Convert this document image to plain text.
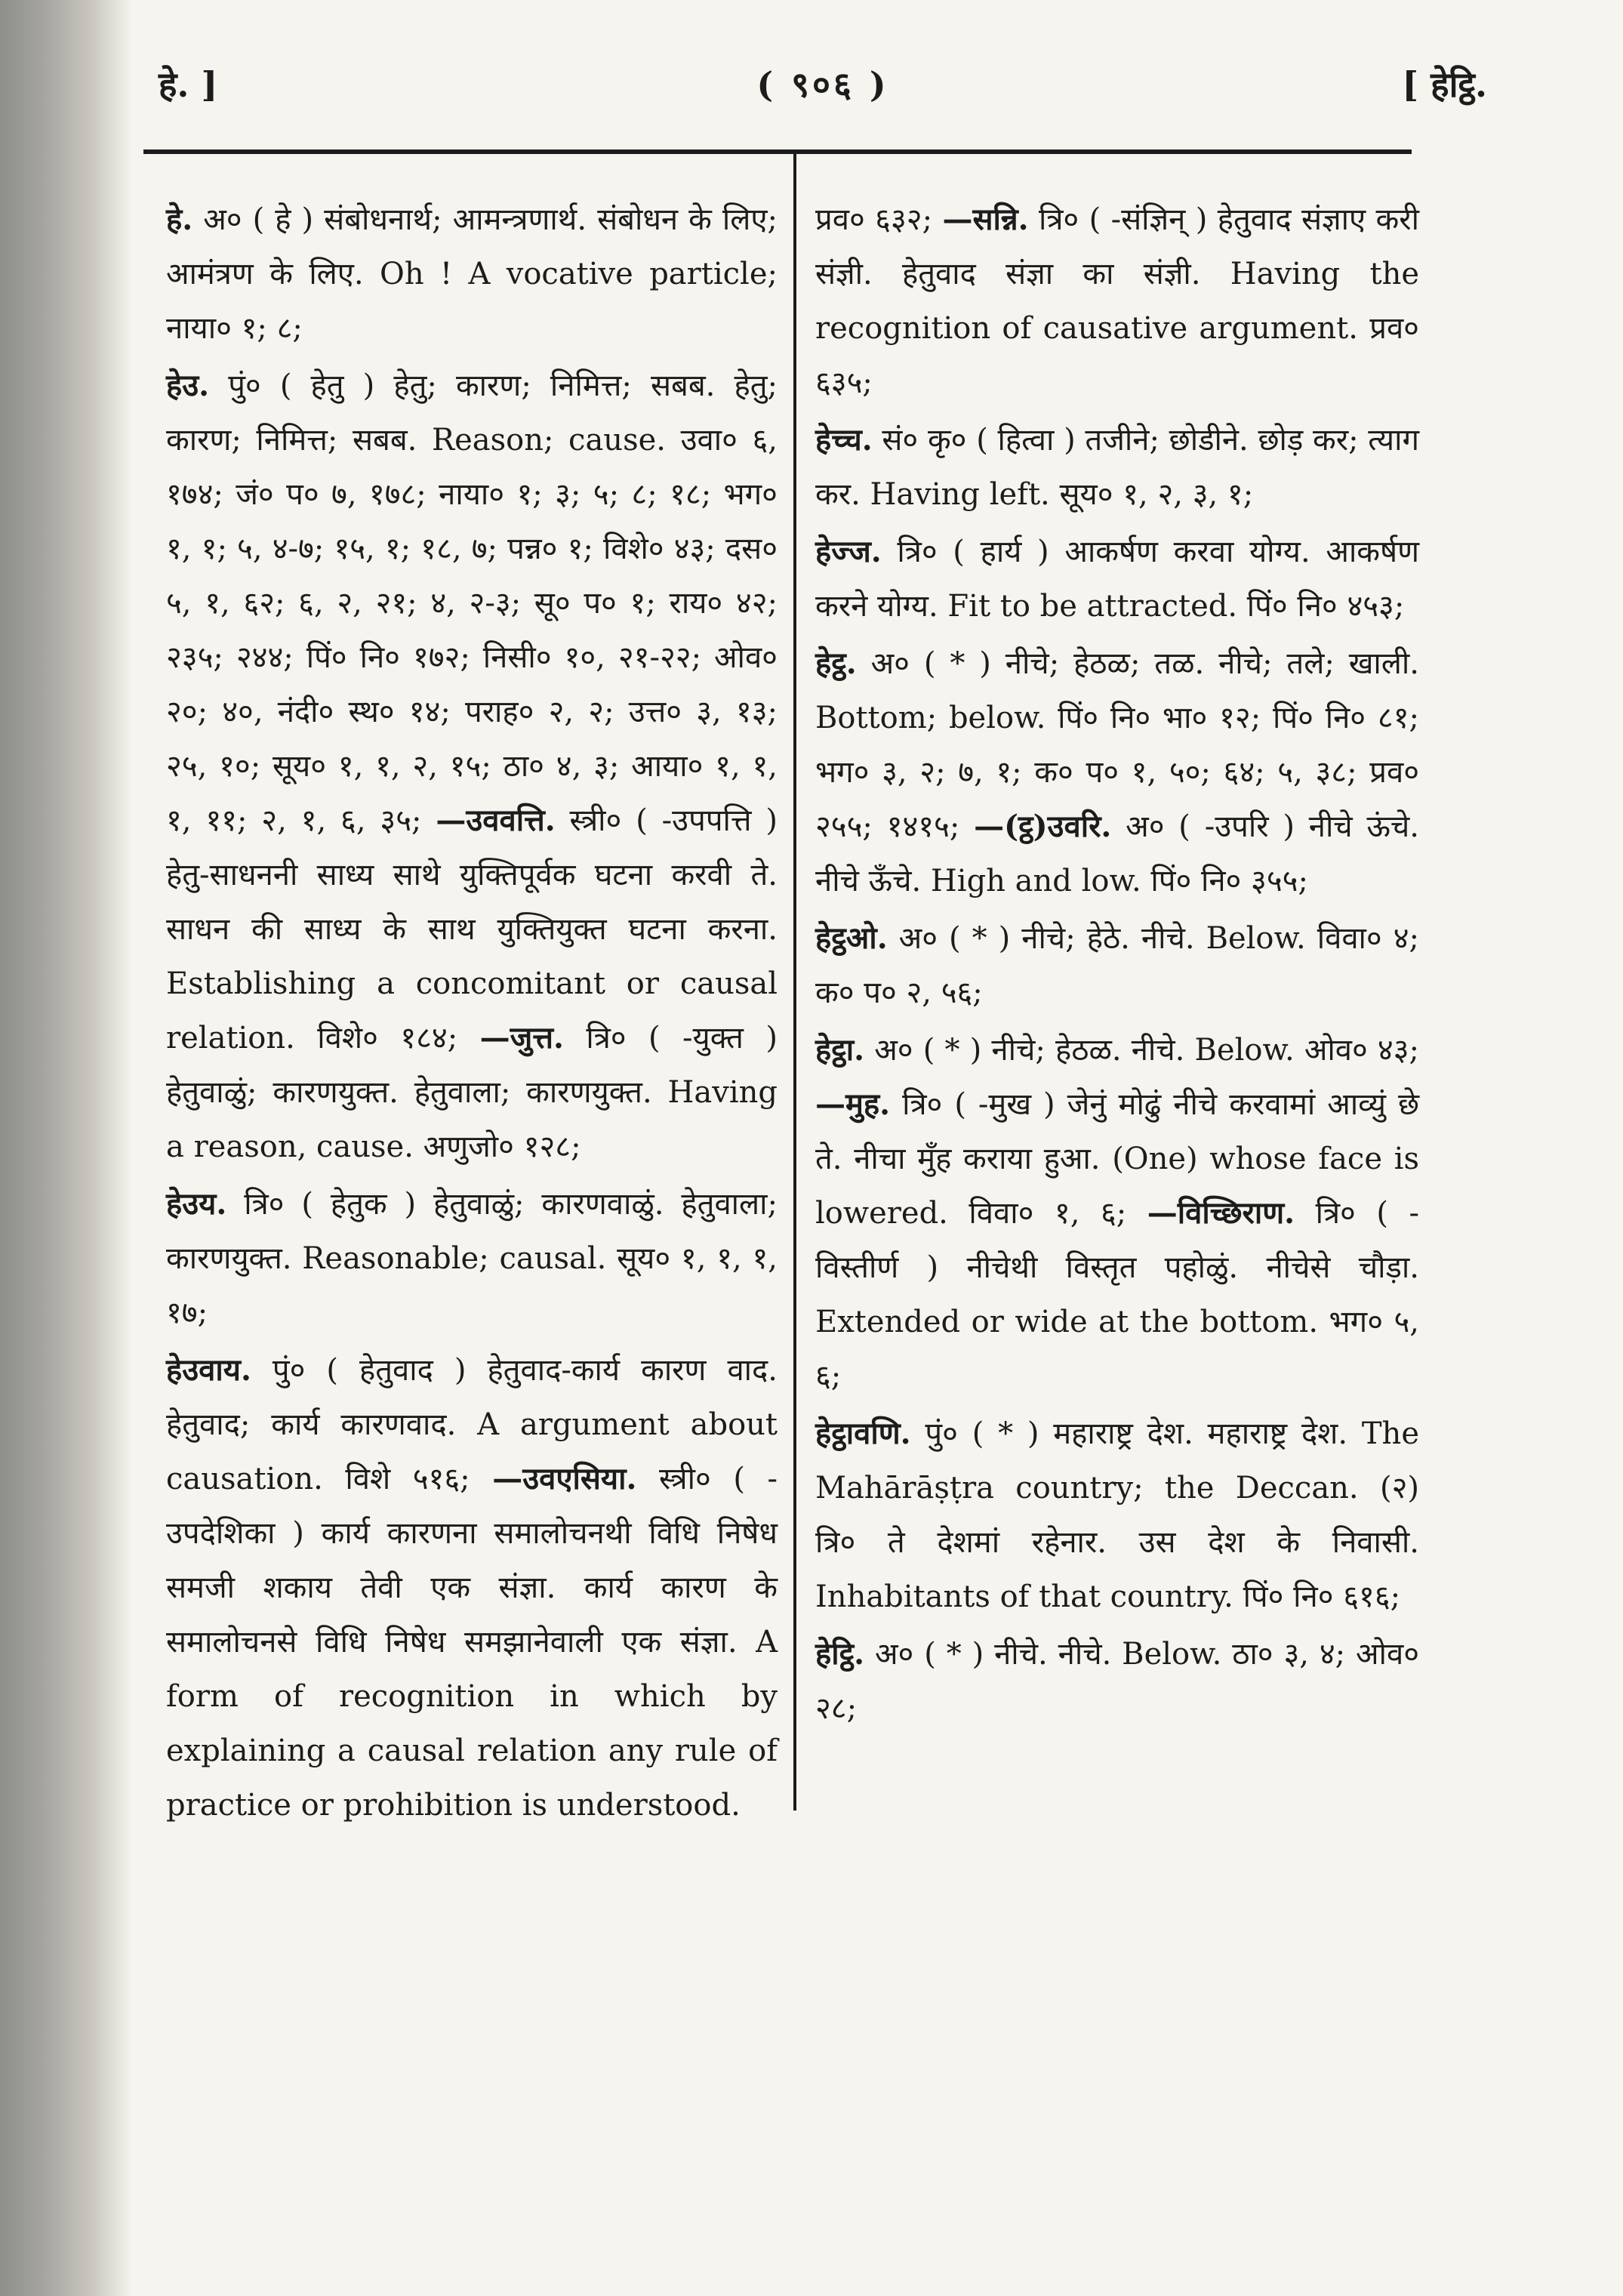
हे. ]	( ९०६ )	[ हेट्ठि.

हे. अ० ( हे ) संबोधनार्थ; आमन्त्रणार्थ. संबोधन के लिए; आमंत्रण के लिए. Oh ! A vocative particle; नाया० १; ८;

हेउ. पुं० ( हेतु ) हेतु; कारण; निमित्त; सबब. हेतु; कारण; निमित्त; सबब. Reason; cause. उवा० ६, १७४; जं० प० ७, १७८; नाया० १; ३; ५; ८; १८; भग० १, १; ५, ४-७; १५, १; १८, ७; पन्न० १; विशे० ४३; दस० ५, १, ६२; ६, २, २१; ४, २-३; सू० प० १; राय० ४२; २३५; २४४; पिं० नि० १७२; निसी० १०, २१-२२; ओव० २०; ४०, नंदी० स्थ० १४; पराह० २, २; उत्त० ३, १३; २५, १०; सूय० १, १, २, १५; ठा० ४, ३; आया० १, १, १, ११; २, १, ६, ३५; —उववत्ति. स्त्री० ( -उपपत्ति ) हेतु-साधननी साध्य साथे युक्तिपूर्वक घटना करवी ते. साधन की साध्य के साथ युक्तियुक्त घटना करना. Establishing a concomitant or causal relation. विशे० १८४; —जुत्त. त्रि० ( -युक्त ) हेतुवाळुं; कारणयुक्त. हेतुवाला; कारणयुक्त. Having a reason, cause. अणुजो० १२८;

हेउय. त्रि० ( हेतुक ) हेतुवाळुं; कारणवाळुं. हेतुवाला; कारणयुक्त. Reasonable; causal. सूय० १, १, १, १७;

हेउवाय. पुं० ( हेतुवाद ) हेतुवाद-कार्य कारण वाद. हेतुवाद; कार्य कारणवाद. A argument about causation. विशे ५१६; —उवएसिया. स्त्री० ( -उपदेशिका ) कार्य कारणना समालोचनथी विधि निषेध समजी शकाय तेवी एक संज्ञा. कार्य कारण के समालोचनसे विधि निषेध समझानेवाली एक संज्ञा. A form of recognition in which by explaining a causal relation any rule of practice or prohibition is understood.

प्रव० ६३२; —सन्नि. त्रि० ( -संज्ञिन् ) हेतुवाद संज्ञाए करी संज्ञी. हेतुवाद संज्ञा का संज्ञी. Having the recognition of causative argument. प्रव० ६३५;

हेच्च. सं० कृ० ( हित्वा ) तजीने; छोडीने. छोड़ कर; त्याग कर. Having left. सूय० १, २, ३, १;

हेज्ज. त्रि० ( हार्य ) आकर्षण करवा योग्य. आकर्षण करने योग्य. Fit to be attracted. पिं० नि० ४५३;

हेट्ठ. अ० ( * ) नीचे; हेठळ; तळ. नीचे; तले; खाली. Bottom; below. पिं० नि० भा० १२; पिं० नि० ८१; भग० ३, २; ७, १; क० प० १, ५०; ६४; ५, ३८; प्रव० २५५; १४१५; —(ट्ठ)उवरि. अ० ( -उपरि ) नीचे ऊंचे. नीचे ऊँचे. High and low. पिं० नि० ३५५;

हेट्ठओ. अ० ( * ) नीचे; हेठे. नीचे. Below. विवा० ४; क० प० २, ५६;

हेट्ठा. अ० ( * ) नीचे; हेठळ. नीचे. Below. ओव० ४३; —मुह. त्रि० ( -मुख ) जेनुं मोढुं नीचे करवामां आव्युं छे ते. नीचा मुँह कराया हुआ. (One) whose face is lowered. विवा० १, ६; —विच्छिराण. त्रि० ( -विस्तीर्ण ) नीचेथी विस्तृत पहोळुं. नीचेसे चौड़ा. Extended or wide at the bottom. भग० ५, ६;

हेट्ठावणि. पुं० ( * ) महाराष्ट्र देश. महाराष्ट्र देश. The Mahārāṣṭra country; the Deccan. (२) त्रि० ते देशमां रहेनार. उस देश के निवासी. Inhabitants of that country. पिं० नि० ६१६;

हेट्ठि. अ० ( * ) नीचे. नीचे. Below. ठा० ३, ४; ओव० २८;
